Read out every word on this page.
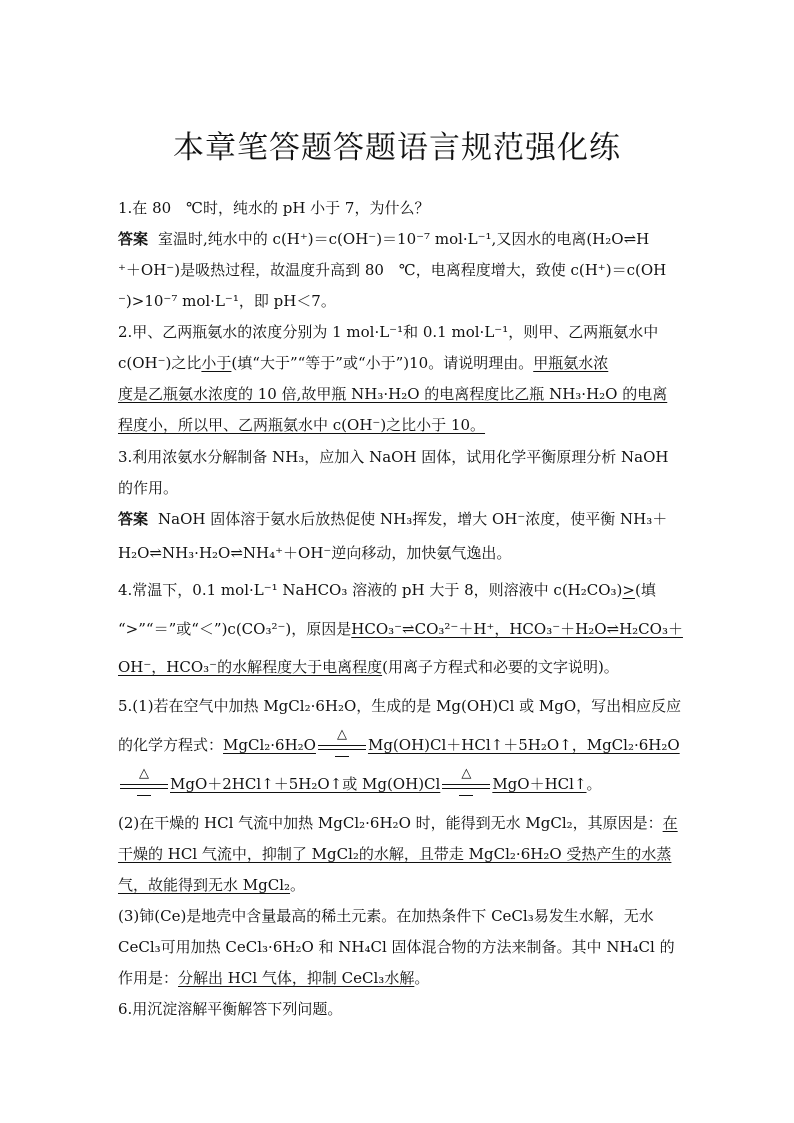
本章笔答题答题语言规范强化练
1.在 80　℃时，纯水的 pH 小于 7，为什么？
答案 室温时,纯水中的 c(H⁺)＝c(OH⁻)＝10⁻⁷ mol·L⁻¹,又因水的电离(H₂O⇌H
⁺＋OH⁻)是吸热过程，故温度升高到 80　℃，电离程度增大，致使 c(H⁺)＝c(OH
⁻)>10⁻⁷ mol·L⁻¹，即 pH＜7。
2.甲、乙两瓶氨水的浓度分别为 1 mol·L⁻¹和 0.1 mol·L⁻¹，则甲、乙两瓶氨水中
c(OH⁻)之比小于(填“大于”“等于”或“小于”)10。请说明理由。甲瓶氨水浓
度是乙瓶氨水浓度的 10 倍,故甲瓶 NH₃·H₂O 的电离程度比乙瓶 NH₃·H₂O 的电离
程度小，所以甲、乙两瓶氨水中 c(OH⁻)之比小于 10。
3.利用浓氨水分解制备 NH₃，应加入 NaOH 固体，试用化学平衡原理分析 NaOH
的作用。
答案 NaOH 固体溶于氨水后放热促使 NH₃挥发，增大 OH⁻浓度，使平衡 NH₃＋
H₂O⇌NH₃·H₂O⇌NH₄⁺＋OH⁻逆向移动，加快氨气逸出。
4.常温下，0.1 mol·L⁻¹ NaHCO₃ 溶液的 pH 大于 8，则溶液中 c(H₂CO₃)>(填
“>”“＝”或“＜”)c(CO₃²⁻)，原因是HCO₃⁻⇌CO₃²⁻＋H⁺，HCO₃⁻＋H₂O⇌H₂CO₃＋
OH⁻，HCO₃⁻的水解程度大于电离程度(用离子方程式和必要的文字说明)。
5.(1)若在空气中加热 MgCl₂·6H₂O，生成的是 Mg(OH)Cl 或 MgO，写出相应反应
的化学方程式：MgCl₂·6H₂O
△
Mg(OH)Cl＋HCl↑＋5H₂O↑，MgCl₂·6H₂O
△
MgO＋2HCl↑＋5H₂O↑或 Mg(OH)Cl
△
MgO＋HCl↑。
(2)在干燥的 HCl 气流中加热 MgCl₂·6H₂O 时，能得到无水 MgCl₂，其原因是：在
干燥的 HCl 气流中，抑制了 MgCl₂的水解，且带走 MgCl₂·6H₂O 受热产生的水蒸
气，故能得到无水 MgCl₂。
(3)铈(Ce)是地壳中含量最高的稀土元素。在加热条件下 CeCl₃易发生水解，无水
CeCl₃可用加热 CeCl₃·6H₂O 和 NH₄Cl 固体混合物的方法来制备。其中 NH₄Cl 的
作用是：分解出 HCl 气体，抑制 CeCl₃水解。
6.用沉淀溶解平衡解答下列问题。
